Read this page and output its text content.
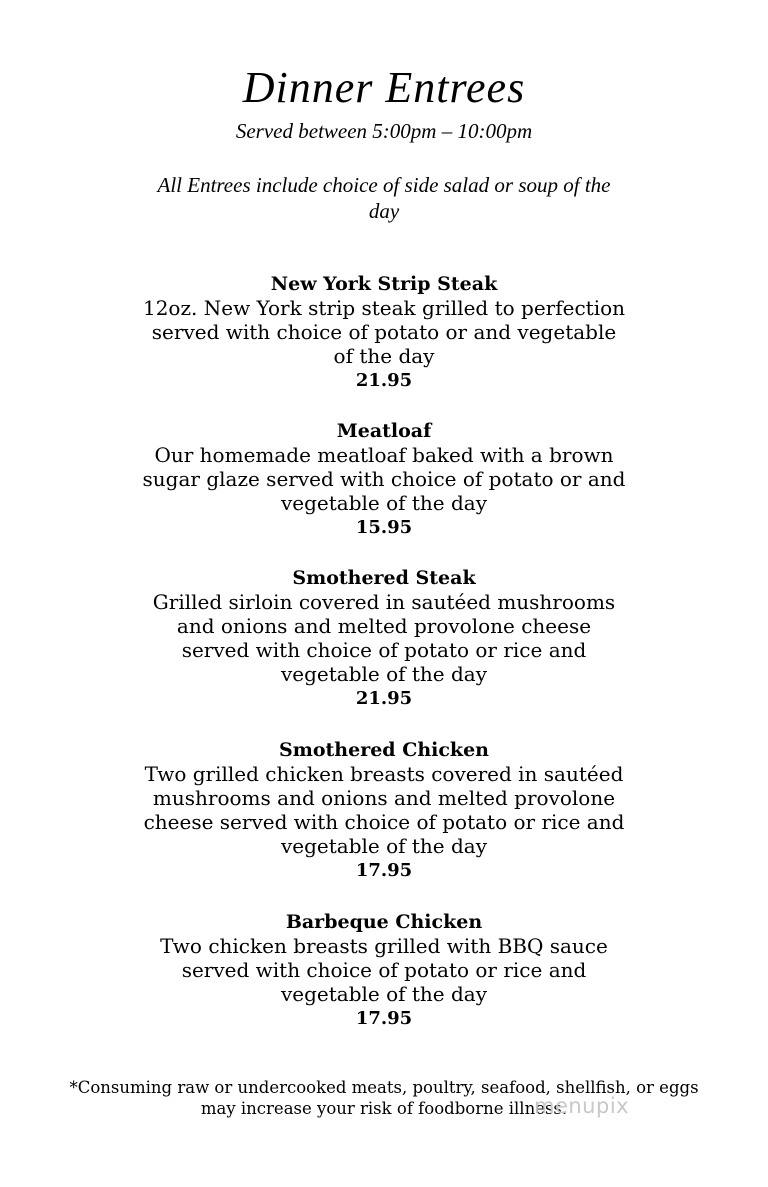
Dinner Entrees
Served between 5:00pm – 10:00pm
All Entrees include choice of side salad or soup of the day
New York Strip Steak
12oz. New York strip steak grilled to perfection
served with choice of potato or and vegetable
of the day
21.95
Meatloaf
Our homemade meatloaf baked with a brown
sugar glaze served with choice of potato or and
vegetable of the day
15.95
Smothered Steak
Grilled sirloin covered in sautéed mushrooms
and onions and melted provolone cheese
served with choice of potato or rice and
vegetable of the day
21.95
Smothered Chicken
Two grilled chicken breasts covered in sautéed
mushrooms and onions and melted provolone
cheese served with choice of potato or rice and
vegetable of the day
17.95
Barbeque Chicken
Two chicken breasts grilled with BBQ sauce
served with choice of potato or rice and
vegetable of the day
17.95
*Consuming raw or undercooked meats, poultry, seafood, shellfish, or eggs
may increase your risk of foodborne illness.
menupix
